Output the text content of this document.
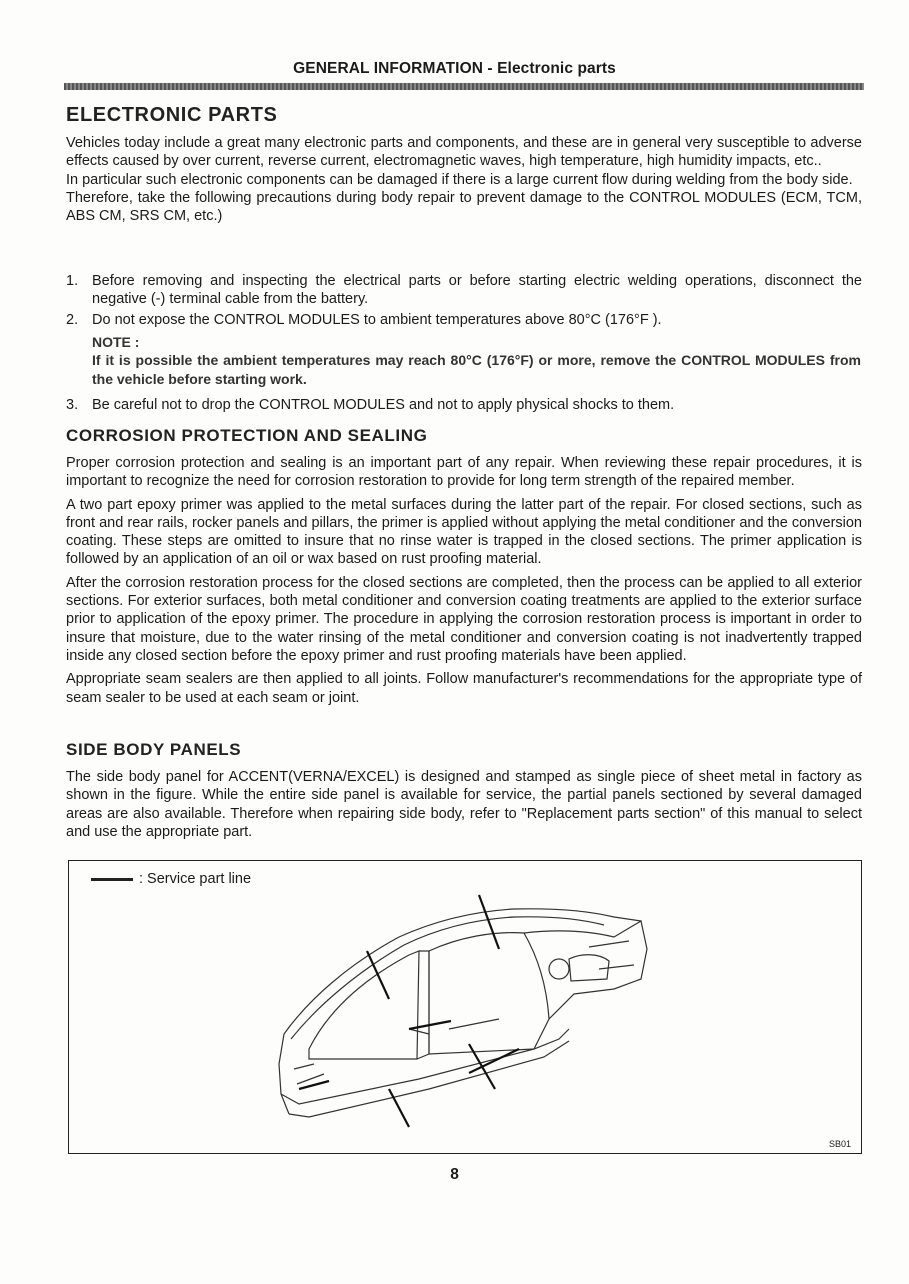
GENERAL INFORMATION - Electronic parts
ELECTRONIC PARTS

Vehicles today include a great many electronic parts and components, and these are in general very susceptible to adverse effects caused by over current, reverse current, electromagnetic waves, high temperature, high humidity impacts, etc..

In particular such electronic components can be damaged if there is a large current flow during welding from the body side.

Therefore, take the following precautions during body repair to prevent damage to the CONTROL MODULES (ECM, TCM, ABS CM, SRS CM, etc.)

1. Before removing and inspecting the electrical parts or before starting electric welding operations, disconnect the negative (-) terminal cable from the battery.
2. Do not expose the CONTROL MODULES to ambient temperatures above 80°C (176°F ).
NOTE :
If it is possible the ambient temperatures may reach 80°C (176°F) or more, remove the CONTROL MODULES from the vehicle before starting work.
3. Be careful not to drop the CONTROL MODULES and not to apply physical shocks to them.
CORROSION PROTECTION AND SEALING

Proper corrosion protection and sealing is an important part of any repair. When reviewing these repair procedures, it is important to recognize the need for corrosion restoration to provide for long term strength of the repaired member.

A two part epoxy primer was applied to the metal surfaces during the latter part of the repair. For closed sections, such as front and rear rails, rocker panels and pillars, the primer is applied without applying the metal conditioner and the conversion coating. These steps are omitted to insure that no rinse water is trapped in the closed sections. The primer application is followed by an application of an oil or wax based on rust proofing material.

After the corrosion restoration process for the closed sections are completed, then the process can be applied to all exterior sections. For exterior surfaces, both metal conditioner and conversion coating treatments are applied to the exterior surface prior to application of the epoxy primer. The procedure in applying the corrosion restoration process is important in order to insure that moisture, due to the water rinsing of the metal conditioner and conversion coating is not inadvertently trapped inside any closed section before the epoxy primer and rust proofing materials have been applied.

Appropriate seam sealers are then applied to all joints. Follow manufacturer's recommendations for the appropriate type of seam sealer to be used at each seam or joint.

SIDE BODY PANELS

The side body panel for ACCENT(VERNA/EXCEL) is designed and stamped as single piece of sheet metal in factory as shown in the figure. While the entire side panel is available for service, the partial panels sectioned by several damaged areas are also available. Therefore when repairing side body, refer to "Replacement parts section" of this manual to select and use the appropriate part.

: Service part line
SB01
8
